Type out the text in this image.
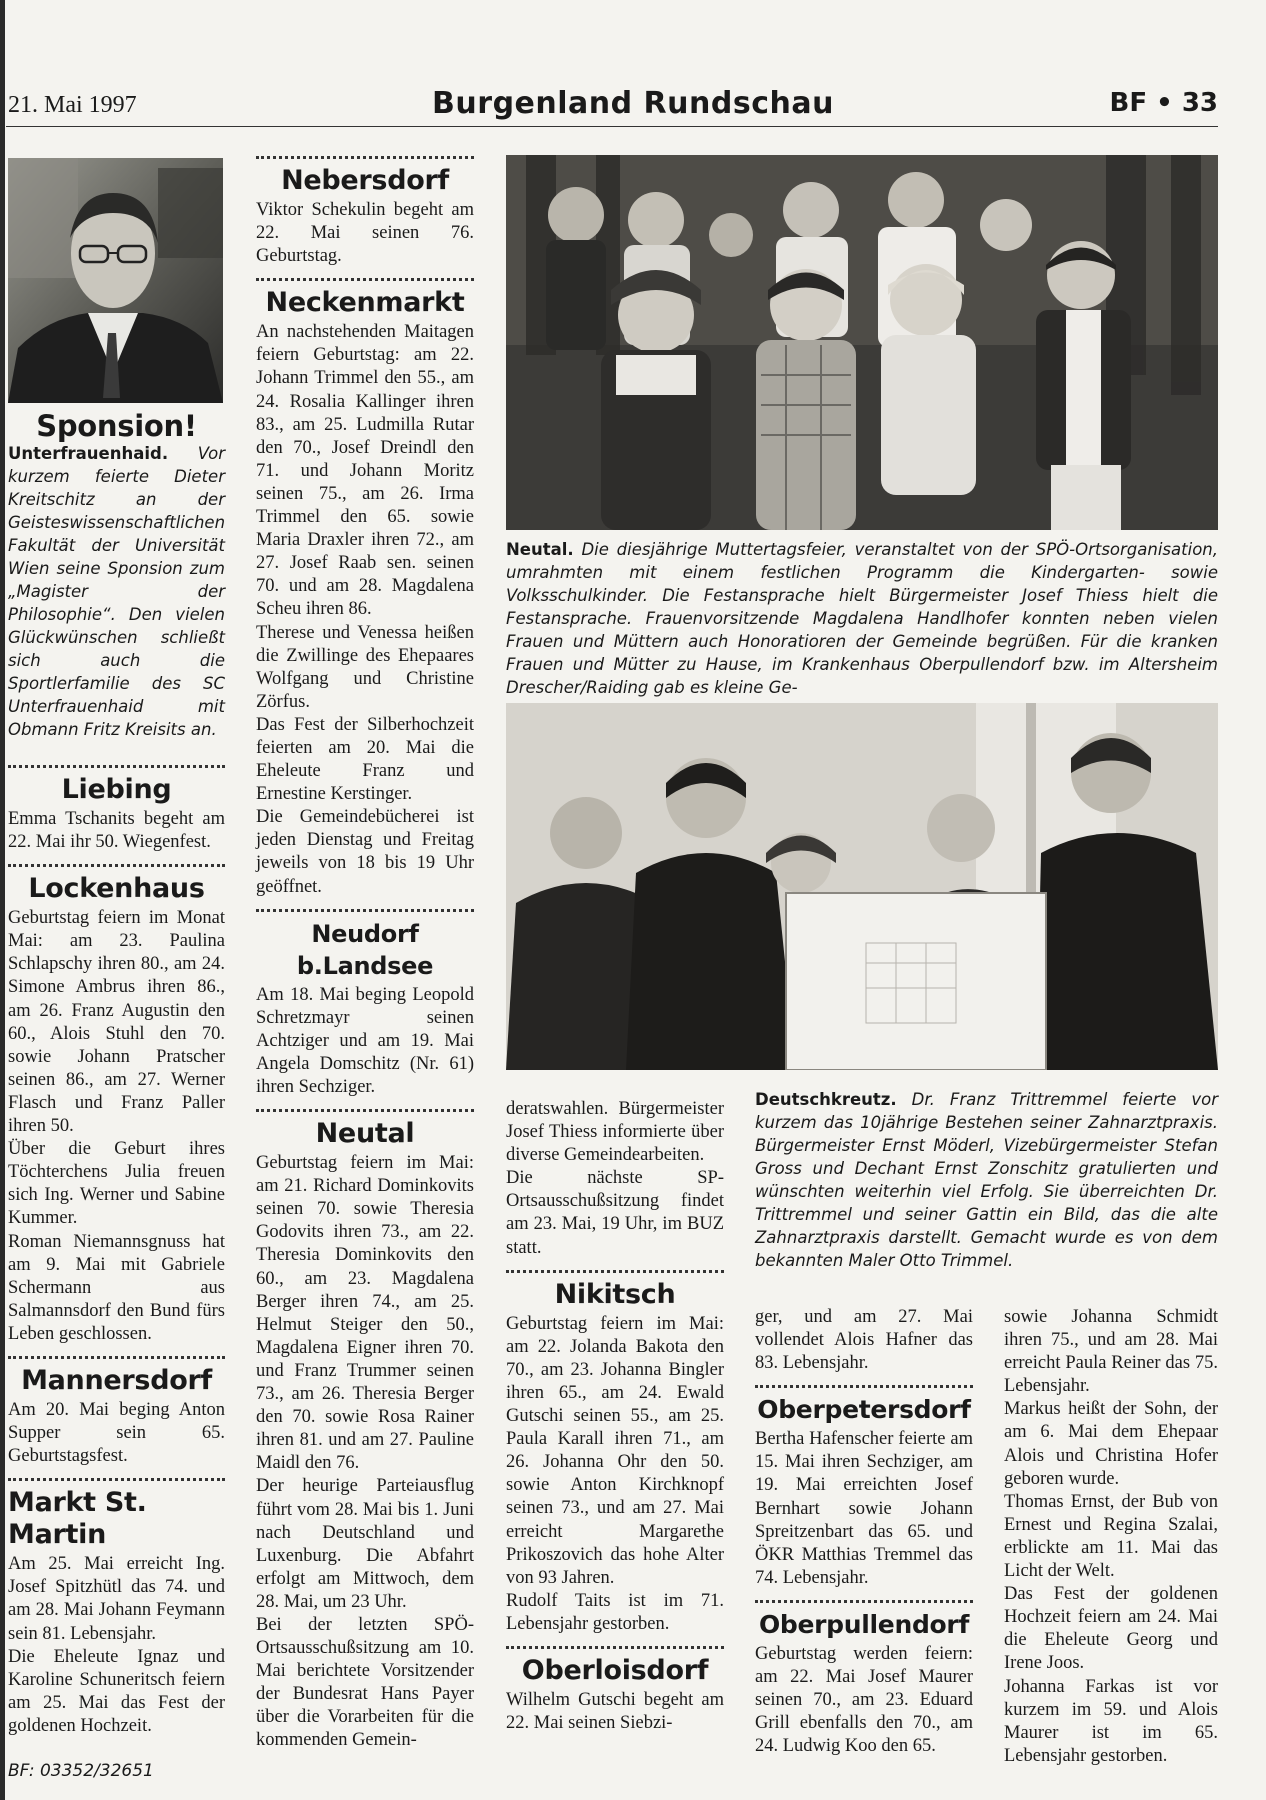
21. Mai 1997	Burgenland Rundschau	BF • 33
Sponsion!
Unterfrauenhaid. Vor kurzem feierte Dieter Kreitschitz an der Geisteswissenschaftlichen Fakultät der Universität Wien seine Sponsion zum „Magister der Philosophie“. Den vielen Glückwünschen schließt sich auch die Sportlerfamilie des SC Unterfrauenhaid mit Obmann Fritz Kreisits an.
Liebing

Emma Tschanits begeht am 22. Mai ihr 50. Wiegenfest.

Lockenhaus

Geburtstag feiern im Monat Mai: am 23. Paulina Schlapschy ihren 80., am 24. Simone Ambrus ihren 86., am 26. Franz Augustin den 60., Alois Stuhl den 70. sowie Johann Pratscher seinen 86., am 27. Werner Flasch und Franz Paller ihren 50.

Über die Geburt ihres Töchterchens Julia freuen sich Ing. Werner und Sabine Kummer.

Roman Niemannsgnuss hat am 9. Mai mit Gabriele Schermann aus Salmannsdorf den Bund fürs Leben geschlossen.

Mannersdorf

Am 20. Mai beging Anton Supper sein 65. Geburtstagsfest.

Markt St. Martin

Am 25. Mai erreicht Ing. Josef Spitzhütl das 74. und am 28. Mai Johann Feymann sein 81. Lebensjahr.

Die Eheleute Ignaz und Karoline Schuneritsch feiern am 25. Mai das Fest der goldenen Hochzeit.

BF: 03352/32651

Nebersdorf

Viktor Schekulin begeht am 22. Mai seinen 76. Geburtstag.

Neckenmarkt

An nachstehenden Maitagen feiern Geburtstag: am 22. Johann Trimmel den 55., am 24. Rosalia Kallinger ihren 83., am 25. Ludmilla Rutar den 70., Josef Dreindl den 71. und Johann Moritz seinen 75., am 26. Irma Trimmel den 65. sowie Maria Draxler ihren 72., am 27. Josef Raab sen. seinen 70. und am 28. Magdalena Scheu ihren 86.

Therese und Venessa heißen die Zwillinge des Ehepaares Wolfgang und Christine Zörfus.

Das Fest der Silberhochzeit feierten am 20. Mai die Eheleute Franz und Ernestine Kerstinger.

Die Gemeindebücherei ist jeden Dienstag und Freitag jeweils von 18 bis 19 Uhr geöffnet.

Neudorf b.Landsee

Am 18. Mai beging Leopold Schretzmayr seinen Achtziger und am 19. Mai Angela Domschitz (Nr. 61) ihren Sechziger.

Neutal

Geburtstag feiern im Mai: am 21. Richard Dominkovits seinen 70. sowie Theresia Godovits ihren 73., am 22. Theresia Dominkovits den 60., am 23. Magdalena Berger ihren 74., am 25. Helmut Steiger den 50., Magdalena Eigner ihren 70. und Franz Trummer seinen 73., am 26. Theresia Berger den 70. sowie Rosa Rainer ihren 81. und am 27. Pauline Maidl den 76.

Der heurige Parteiausflug führt vom 28. Mai bis 1. Juni nach Deutschland und Luxenburg. Die Abfahrt erfolgt am Mittwoch, dem 28. Mai, um 23 Uhr.

Bei der letzten SPÖ-Ortsausschußsitzung am 10. Mai berichtete Vorsitzender der Bundesrat Hans Payer über die Vorarbeiten für die kommenden Gemein-

Neutal. Die diesjährige Muttertagsfeier, veranstaltet von der SPÖ-Ortsorganisation, umrahmten mit einem festlichen Programm die Kindergarten- sowie Volksschulkinder. Die Festansprache hielt Bürgermeister Josef Thiess hielt die Festansprache. Frauenvorsitzende Magdalena Handlhofer konnten neben vielen Frauen und Müttern auch Honoratioren der Gemeinde begrüßen. Für die kranken Frauen und Mütter zu Hause, im Krankenhaus Oberpullendorf bzw. im Altersheim Drescher/Raiding gab es kleine Ge-
Deutschkreutz. Dr. Franz Trittremmel feierte vor kurzem das 10jährige Bestehen seiner Zahnarztpraxis. Bürgermeister Ernst Möderl, Vizebürgermeister Stefan Gross und Dechant Ernst Zonschitz gratulierten und wünschten weiterhin viel Erfolg. Sie überreichten Dr. Trittremmel und seiner Gattin ein Bild, das die alte Zahnarztpraxis darstellt. Gemacht wurde es von dem bekannten Maler Otto Trimmel.

deratswahlen. Bürgermeister Josef Thiess informierte über diverse Gemeindearbeiten.

Die nächste SP-Ortsausschußsitzung findet am 23. Mai, 19 Uhr, im BUZ statt.

Nikitsch

Geburtstag feiern im Mai: am 22. Jolanda Bakota den 70., am 23. Johanna Bingler ihren 65., am 24. Ewald Gutschi seinen 55., am 25. Paula Karall ihren 71., am 26. Johanna Ohr den 50. sowie Anton Kirchknopf seinen 73., und am 27. Mai erreicht Margarethe Prikoszovich das hohe Alter von 93 Jahren.

Rudolf Taits ist im 71. Lebensjahr gestorben.

Oberloisdorf

Wilhelm Gutschi begeht am 22. Mai seinen Siebzi-

ger, und am 27. Mai vollendet Alois Hafner das 83. Lebensjahr.

Oberpetersdorf

Bertha Hafenscher feierte am 15. Mai ihren Sechziger, am 19. Mai erreichten Josef Bernhart sowie Johann Spreitzenbart das 65. und ÖKR Matthias Tremmel das 74. Lebensjahr.

Oberpullendorf

Geburtstag werden feiern: am 22. Mai Josef Maurer seinen 70., am 23. Eduard Grill ebenfalls den 70., am 24. Ludwig Koo den 65.

sowie Johanna Schmidt ihren 75., und am 28. Mai erreicht Paula Reiner das 75. Lebensjahr.

Markus heißt der Sohn, der am 6. Mai dem Ehepaar Alois und Christina Hofer geboren wurde.

Thomas Ernst, der Bub von Ernest und Regina Szalai, erblickte am 11. Mai das Licht der Welt.

Das Fest der goldenen Hochzeit feiern am 24. Mai die Eheleute Georg und Irene Joos.

Johanna Farkas ist vor kurzem im 59. und Alois Maurer ist im 65. Lebensjahr gestorben.
